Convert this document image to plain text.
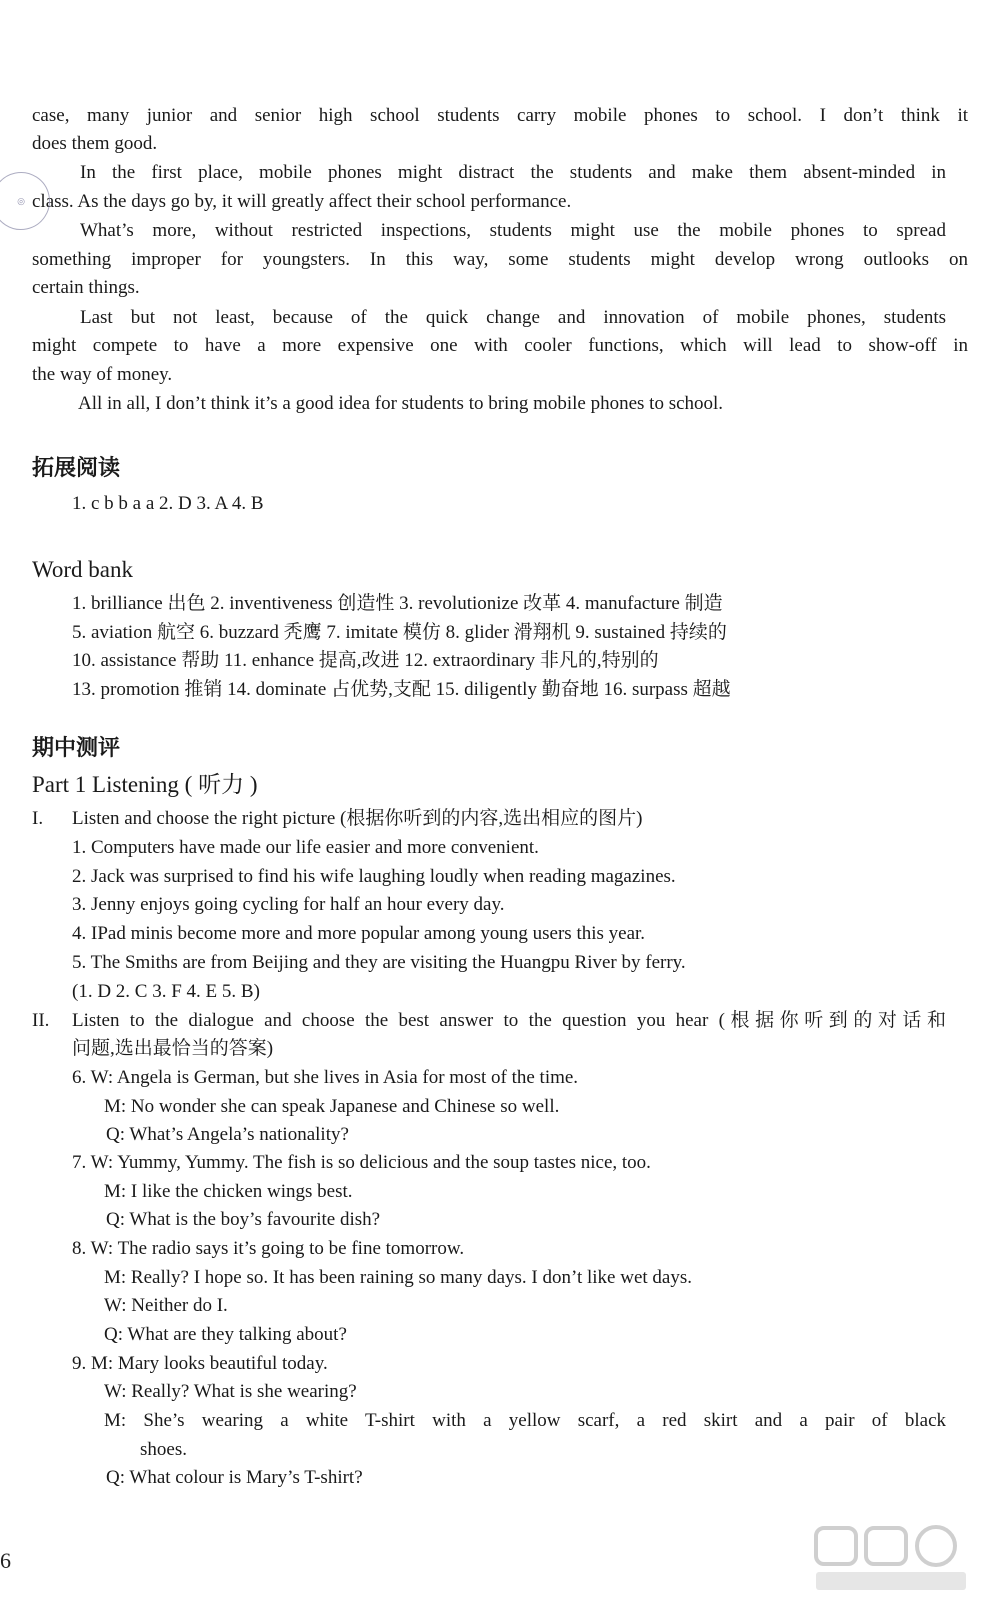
case, many junior and senior high school students carry mobile phones to school. I don’t think it
does them good.
In the first place, mobile phones might distract the students and make them absent-minded in
class. As the days go by, it will greatly affect their school performance.
What’s more, without restricted inspections, students might use the mobile phones to spread
something improper for youngsters. In this way, some students might develop wrong outlooks on
certain things.
Last but not least, because of the quick change and innovation of mobile phones, students
might compete to have a more expensive one with cooler functions, which will lead to show-off in
the way of money.
All in all, I don’t think it’s a good idea for students to bring mobile phones to school.
◎
拓展阅读
1. c b b a a 2. D 3. A 4. B
Word bank
1. brilliance 出色 2. inventiveness 创造性 3. revolutionize 改革 4. manufacture 制造
5. aviation 航空 6. buzzard 秃鹰 7. imitate 模仿 8. glider 滑翔机 9. sustained 持续的
10. assistance 帮助 11. enhance 提高,改进 12. extraordinary 非凡的,特别的
13. promotion 推销 14. dominate 占优势,支配 15. diligently 勤奋地 16. surpass 超越
期中测评
Part 1 Listening ( 听力 )
I. Listen and choose the right picture (根据你听到的内容,选出相应的图片)
1. Computers have made our life easier and more convenient.
2. Jack was surprised to find his wife laughing loudly when reading magazines.
3. Jenny enjoys going cycling for half an hour every day.
4. IPad minis become more and more popular among young users this year.
5. The Smiths are from Beijing and they are visiting the Huangpu River by ferry.
(1. D 2. C 3. F 4. E 5. B)
II. Listen to the dialogue and choose the best answer to the question you hear (根据你听到的对话和
问题,选出最恰当的答案)
6. W: Angela is German, but she lives in Asia for most of the time.
M: No wonder she can speak Japanese and Chinese so well.
Q: What’s Angela’s nationality?
7. W: Yummy, Yummy. The fish is so delicious and the soup tastes nice, too.
M: I like the chicken wings best.
Q: What is the boy’s favourite dish?
8. W: The radio says it’s going to be fine tomorrow.
M: Really? I hope so. It has been raining so many days. I don’t like wet days.
W: Neither do I.
Q: What are they talking about?
9. M: Mary looks beautiful today.
W: Really? What is she wearing?
M: She’s wearing a white T-shirt with a yellow scarf, a red skirt and a pair of black
shoes.
Q: What colour is Mary’s T-shirt?
6
